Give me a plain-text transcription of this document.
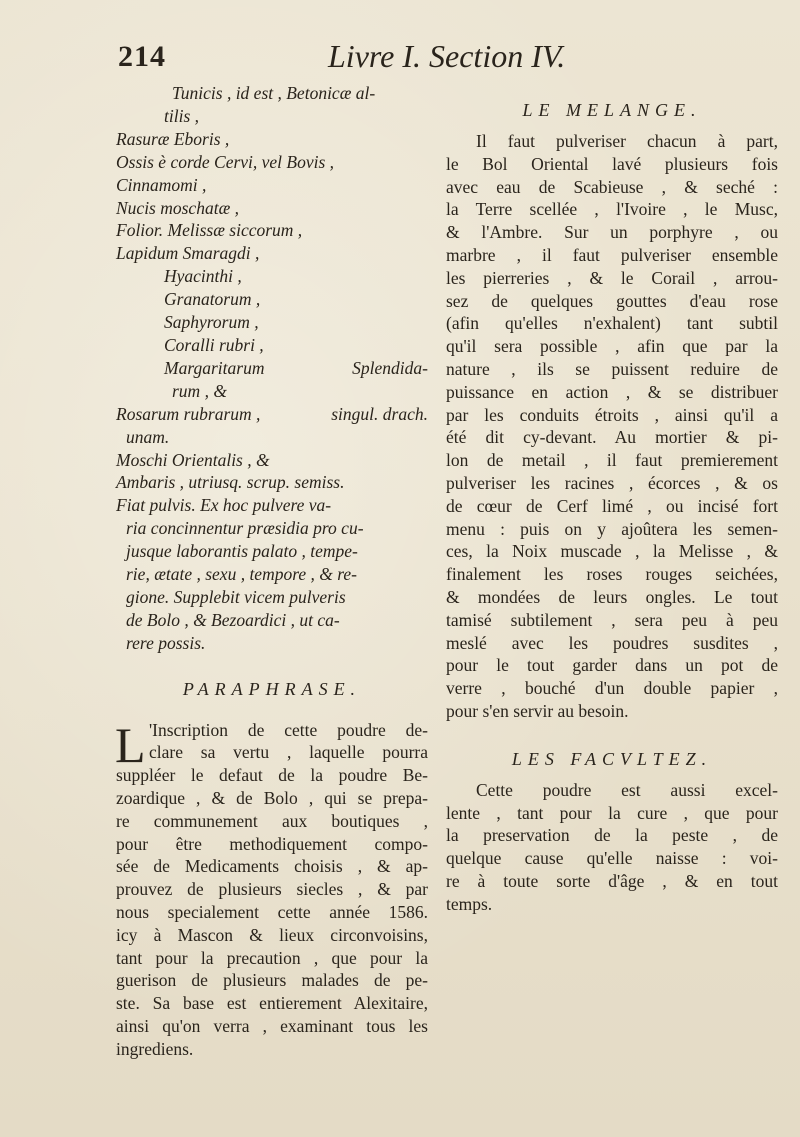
214	Livre I. Section IV.
Tunicis , id est , Betonicæ al-
tilis ,
Rasuræ Eboris ,
Ossis è corde Cervi, vel Bovis ,
Cinnamomi ,
Nucis moschatæ ,
Folior. Melissæ siccorum ,
Lapidum Smaragdi ,
Hyacinthi ,
Granatorum ,
Saphyrorum ,
Coralli rubri ,
Margaritarum	Splendida-
rum , &
Rosarum rubrarum ,	singul. drach.
unam.
Moschi Orientalis , &
Ambaris , utriusq. scrup. semiss.
Fiat pulvis. Ex hoc pulvere va-
ria concinnentur præsidia pro cu-
jusque laborantis palato , tempe-
rie, ætate , sexu , tempore , & re-
gione. Supplebit vicem pulveris
de Bolo , & Bezoardici , ut ca-
rere possis.
PARAPHRASE.
L 'Inscription de cette poudre de-
clare sa vertu , laquelle pourra
suppléer le defaut de la poudre Be-
zoardique , & de Bolo , qui se prepa-
re communement aux boutiques ,
pour être methodiquement compo-
sée de Medicaments choisis , & ap-
prouvez de plusieurs siecles , & par
nous specialement cette année 1586.
icy à Mascon & lieux circonvoisins,
tant pour la precaution , que pour la
guerison de plusieurs malades de pe-
ste. Sa base est entierement Alexitaire,
ainsi qu'on verra , examinant tous les
ingrediens.
LE MELANGE.
Il faut pulveriser chacun à part,
le Bol Oriental lavé plusieurs fois
avec eau de Scabieuse , & seché :
la Terre scellée , l'Ivoire , le Musc,
& l'Ambre. Sur un porphyre , ou
marbre , il faut pulveriser ensemble
les pierreries , & le Corail , arrou-
sez de quelques gouttes d'eau rose
(afin qu'elles n'exhalent) tant subtil
qu'il sera possible , afin que par la
nature , ils se puissent reduire de
puissance en action , & se distribuer
par les conduits étroits , ainsi qu'il a
été dit cy-devant. Au mortier & pi-
lon de metail , il faut premierement
pulveriser les racines , écorces , & os
de cœur de Cerf limé , ou incisé fort
menu : puis on y ajoûtera les semen-
ces, la Noix muscade , la Melisse , &
finalement les roses rouges seichées,
& mondées de leurs ongles. Le tout
tamisé subtilement , sera peu à peu
meslé avec les poudres susdites ,
pour le tout garder dans un pot de
verre , bouché d'un double papier ,
pour s'en servir au besoin.
LES FACVLTEZ.
Cette poudre est aussi excel-
lente , tant pour la cure , que pour
la preservation de la peste , de
quelque cause qu'elle naisse : voi-
re à toute sorte d'âge , & en tout
temps.
